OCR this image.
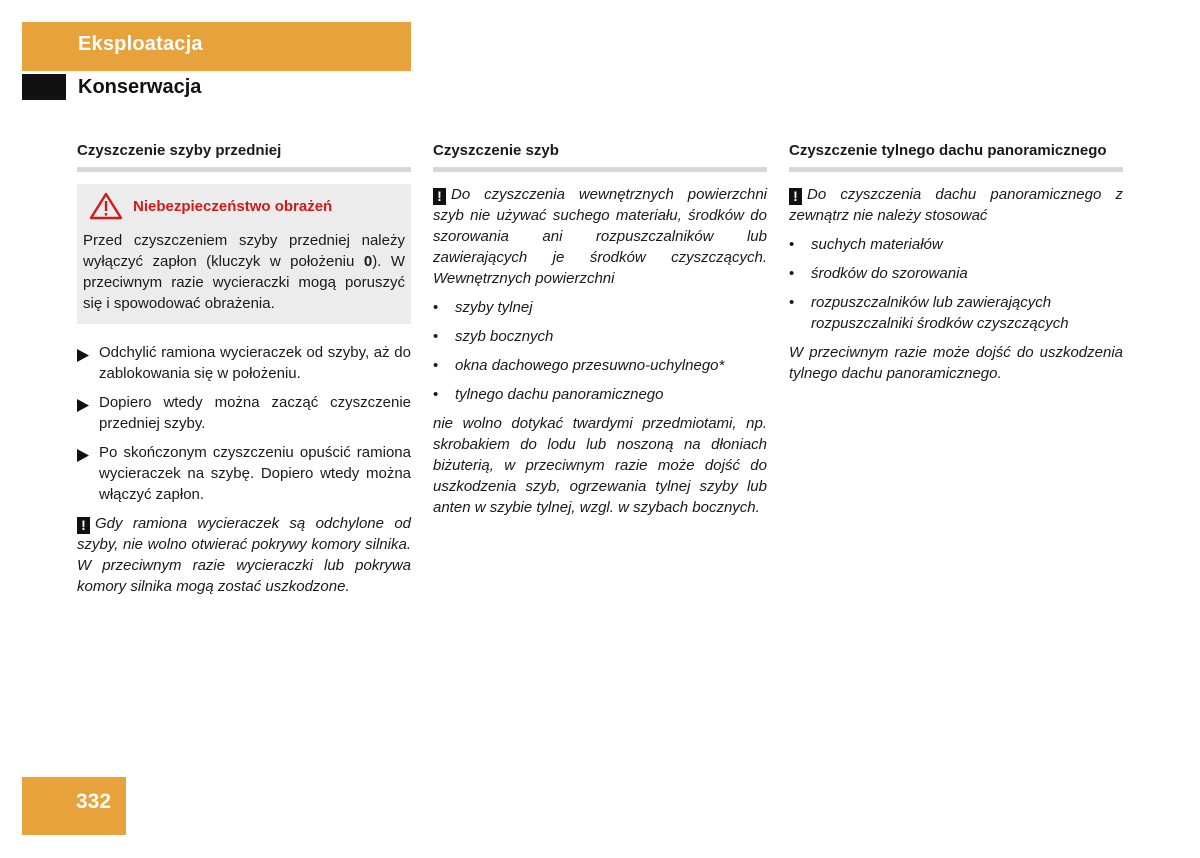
Eksploatacja
Konserwacja
Czyszczenie szyby przedniej
Niebezpieczeństwo obrażeń
Przed czyszczeniem szyby przedniej należy wyłączyć zapłon (kluczyk w położeniu 0). W przeciwnym razie wycieraczki mogą poruszyć się i spowodować obrażenia.
Odchylić ramiona wycieraczek od szyby, aż do zablokowania się w położeniu.
Dopiero wtedy można zacząć czyszczenie przedniej szyby.
Po skończonym czyszczeniu opuścić ramiona wycieraczek na szybę. Dopiero wtedy można włączyć zapłon.
! Gdy ramiona wycieraczek są odchylone od szyby, nie wolno otwierać pokrywy komory silnika. W przeciwnym razie wycieraczki lub pokrywa komory silnika mogą zostać uszkodzone.
Czyszczenie szyb
! Do czyszczenia wewnętrznych powierzchni szyb nie używać suchego materiału, środków do szorowania ani rozpuszczalników lub zawierających je środków czyszczących. Wewnętrznych powierzchni
•	szyby tylnej
•	szyb bocznych
•	okna dachowego przesuwno-uchylnego*
•	tylnego dachu panoramicznego
nie wolno dotykać twardymi przedmiotami, np. skrobakiem do lodu lub noszoną na dłoniach biżuterią, w przeciwnym razie może dojść do uszkodzenia szyb, ogrzewania tylnej szyby lub anten w szybie tylnej, wzgl. w szybach bocznych.
Czyszczenie tylnego dachu panoramicznego
! Do czyszczenia dachu panoramicznego z zewnątrz nie należy stosować
•	suchych materiałów
•	środków do szorowania
•	rozpuszczalników lub zawierających rozpuszczalniki środków czyszczących
W przeciwnym razie może dojść do uszkodzenia tylnego dachu panoramicznego.
332
